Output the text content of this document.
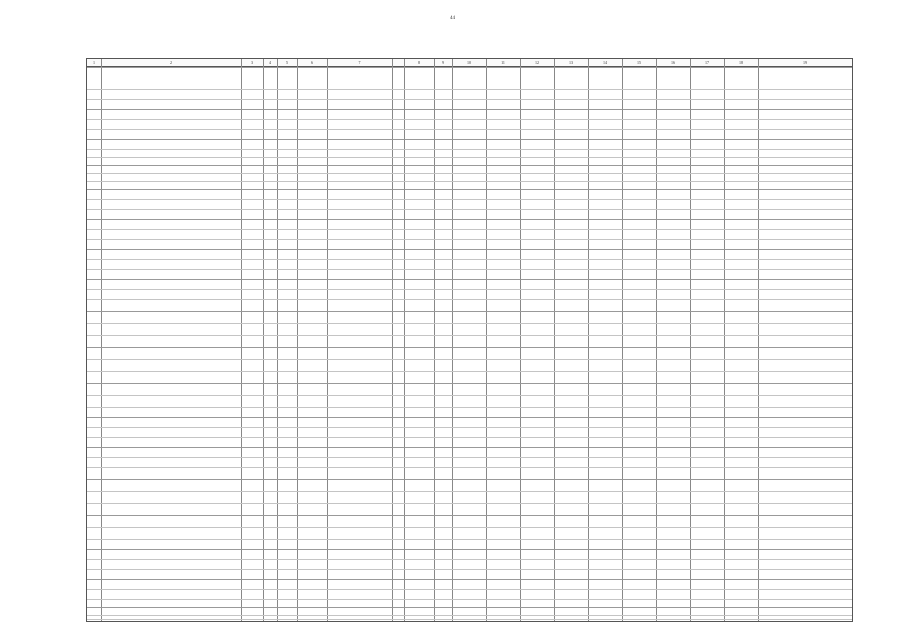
44
1	2	3	4	5	6	7	8	9	10	11	12	13	14	15	16	17	18	19
